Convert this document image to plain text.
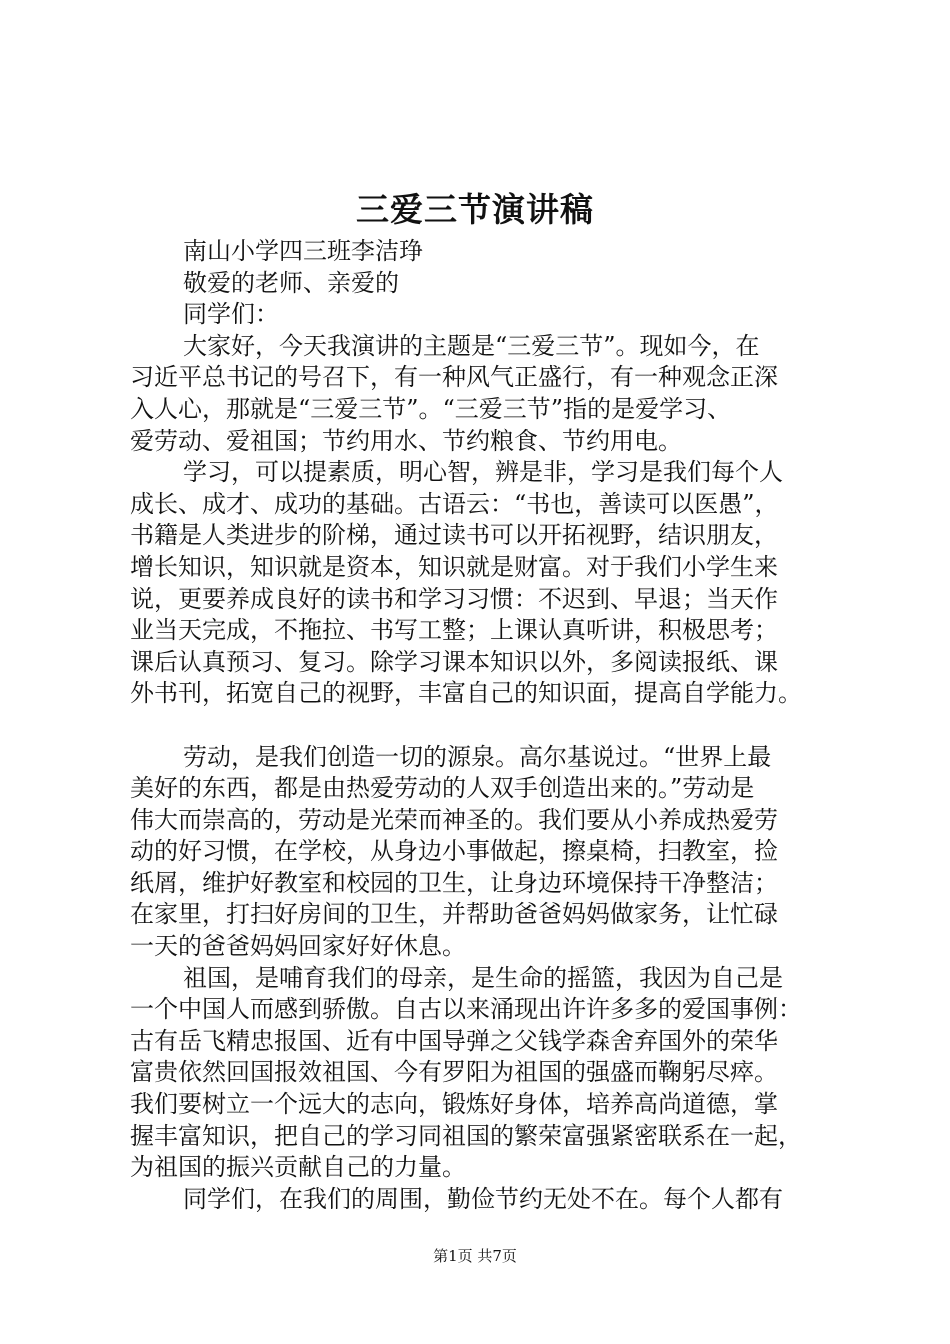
三爱三节演讲稿
南山小学四三班李洁琤
敬爱的老师、亲爱的
同学们：
大家好，今天我演讲的主题是“三爱三节”。现如今，在
习近平总书记的号召下，有一种风气正盛行，有一种观念正深
入人心，那就是“三爱三节”。“三爱三节”指的是爱学习、
爱劳动、爱祖国；节约用水、节约粮食、节约用电。
学习，可以提素质，明心智，辨是非，学习是我们每个人
成长、成才、成功的基础。古语云：“书也，善读可以医愚”，
书籍是人类进步的阶梯，通过读书可以开拓视野，结识朋友，
增长知识，知识就是资本，知识就是财富。对于我们小学生来
说，更要养成良好的读书和学习习惯：不迟到、早退；当天作
业当天完成，不拖拉、书写工整；上课认真听讲，积极思考；
课后认真预习、复习。除学习课本知识以外，多阅读报纸、课
外书刊，拓宽自己的视野，丰富自己的知识面，提高自学能力。
劳动，是我们创造一切的源泉。高尔基说过。“世界上最
美好的东西，都是由热爱劳动的人双手创造出来的。”劳动是
伟大而崇高的，劳动是光荣而神圣的。我们要从小养成热爱劳
动的好习惯，在学校，从身边小事做起，擦桌椅，扫教室，捡
纸屑，维护好教室和校园的卫生，让身边环境保持干净整洁；
在家里，打扫好房间的卫生，并帮助爸爸妈妈做家务，让忙碌
一天的爸爸妈妈回家好好休息。
祖国，是哺育我们的母亲，是生命的摇篮，我因为自己是
一个中国人而感到骄傲。自古以来涌现出许许多多的爱国事例：
古有岳飞精忠报国、近有中国导弹之父钱学森舍弃国外的荣华
富贵依然回国报效祖国、今有罗阳为祖国的强盛而鞠躬尽瘁。
我们要树立一个远大的志向，锻炼好身体，培养高尚道德，掌
握丰富知识，把自己的学习同祖国的繁荣富强紧密联系在一起，
为祖国的振兴贡献自己的力量。
同学们，在我们的周围，勤俭节约无处不在。每个人都有
第1页 共7页
